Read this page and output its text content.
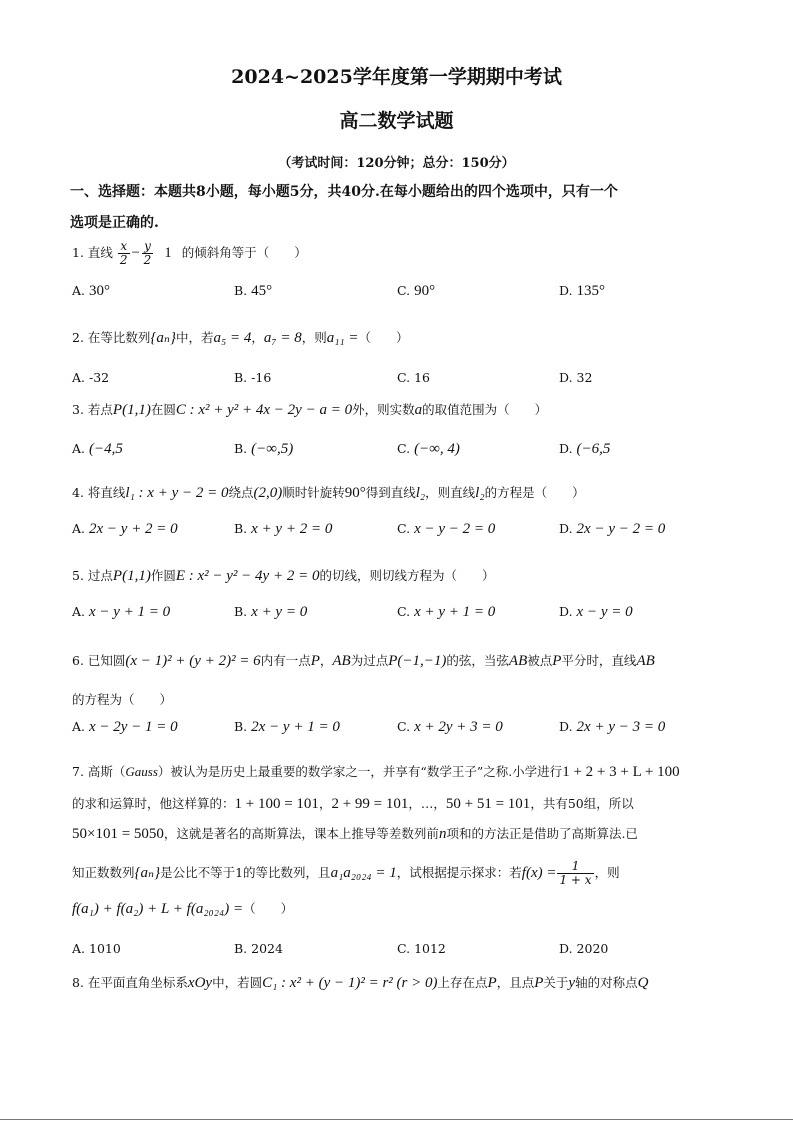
2024~2025学年度第一学期期中考试
高二数学试题
（考试时间：120分钟；总分：150分）
一、选择题：本题共8小题，每小题5分，共40分.在每小题给出的四个选项中，只有一个
选项是正确的.
1. 直线 $\frac{x}{2} - \frac{y}{2} 1$ 的倾斜角等于（　　）
A. 30°	B. 45°	C. 90°	D. 135°
2. 在等比数列{aₙ}中，若a₅ = 4，a₇ = 8，则a₁₁ =（　　）
A. -32	B. -16	C. 16	D. 32
3. 若点P(1,1)在圆C : x² + y² + 4x − 2y − a = 0外，则实数a的取值范围为（　　）
A. (−4,5	B. (−∞,5)	C. (−∞, 4)	D. (−6,5
4. 将直线l₁ : x + y − 2 = 0绕点(2,0)顺时针旋转90°得到直线l₂，则直线l₂的方程是（　　）
A. 2x − y + 2 = 0	B. x + y + 2 = 0	C. x − y − 2 = 0	D. 2x − y − 2 = 0
5. 过点P(1,1)作圆E : x² − y² − 4y + 2 = 0的切线，则切线方程为（　　）
A. x − y + 1 = 0	B. x + y = 0	C. x + y + 1 = 0	D. x − y = 0
6. 已知圆(x − 1)² + (y + 2)² = 6内有一点P，AB为过点P(−1,−1)的弦，当弦AB被点P平分时，直线AB
的方程为（　　）
A. x − 2y − 1 = 0	B. 2x − y + 1 = 0	C. x + 2y + 3 = 0	D. 2x + y − 3 = 0
7. 高斯（Gauss）被认为是历史上最重要的数学家之一，并享有“数学王子”之称.小学进行1 + 2 + 3 + L + 100
的求和运算时，他这样算的：1 + 100 = 101，2 + 99 = 101，…，50 + 51 = 101，共有50组，所以
50×101 = 5050，这就是著名的高斯算法，课本上推导等差数列前n项和的方法正是借助了高斯算法.已
知正数数列{aₙ}是公比不等于1的等比数列，且a₁a₂₀₂₄ = 1，试根据提示探求：若$f(x) = \frac{1}{1 + x}$ ，则
f(a₁) + f(a₂) + L + f(a₂₀₂₄) =（　　）
A. 1010	B. 2024	C. 1012	D. 2020
8. 在平面直角坐标系xOy中，若圆C₁ : x² + (y − 1)² = r² (r > 0)上存在点P，且点P关于y轴的对称点Q
